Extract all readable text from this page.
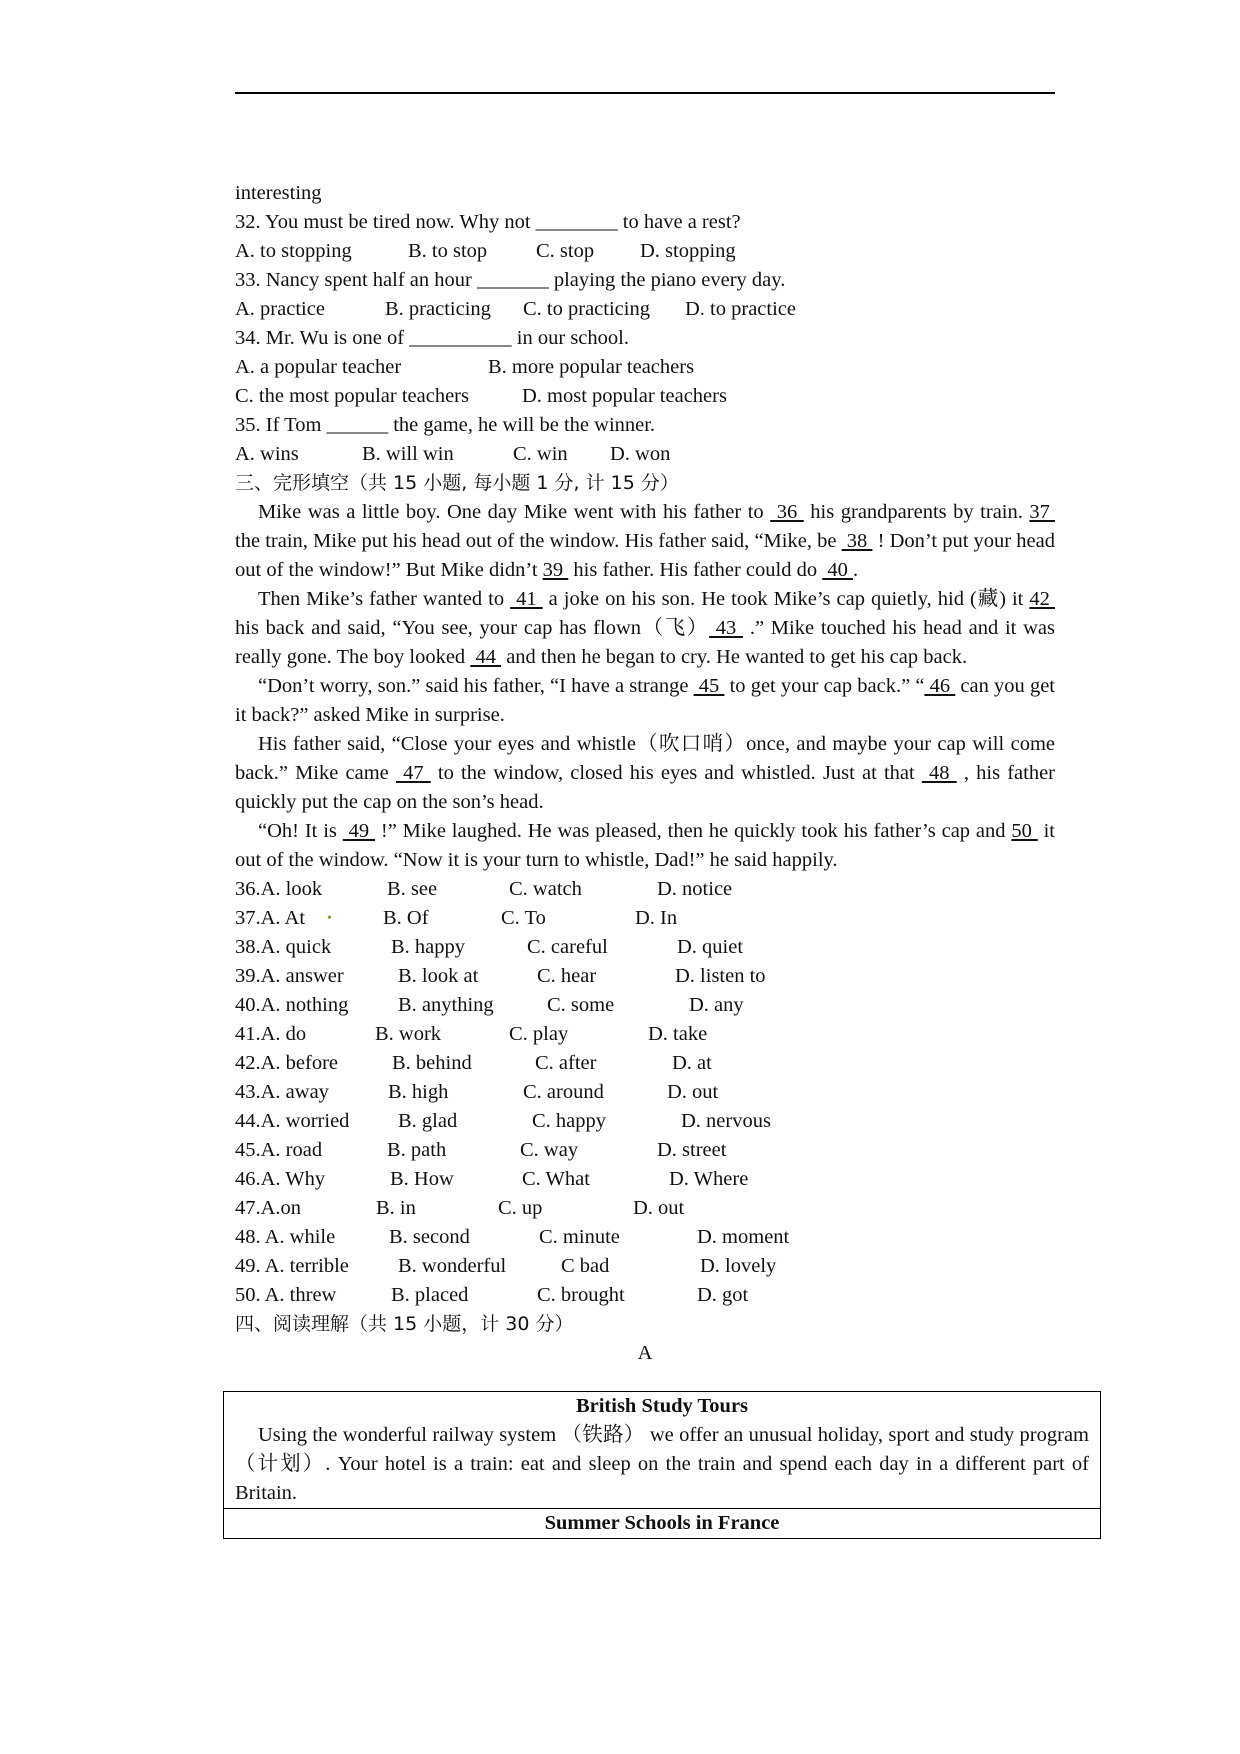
interesting
32. You must be tired now. Why not ________ to have a rest?
A. to stopping	B. to stop C. stop D. stopping
33. Nancy spent half an hour _______ playing the piano every day.
A. practice	B. practicing C. to practicing D. to practice
34. Mr. Wu is one of __________ in our school.
A. a popular teacher	B. more popular teachers
C. the most popular teachers	D. most popular teachers
35. If Tom ______ the game, he will be the winner.
A. wins	B. will win	C. win D. won
三、完形填空（共 15 小题, 每小题 1 分, 计 15 分）
Mike was a little boy. One day Mike went with his father to  36  his grandparents by train. 37  the train, Mike put his head out of the window. His father said, “Mike, be  38  ! Don’t put your head out of the window!” But Mike didn’t 39  his father. His father could do  40 .
Then Mike’s father wanted to  41  a joke on his son. He took Mike’s cap quietly, hid (藏) it 42  his back and said, “You see, your cap has flown（飞） 43  .” Mike touched his head and it was really gone. The boy looked  44  and then he began to cry. He wanted to get his cap back.
“Don’t worry, son.” said his father, “I have a strange  45  to get your cap back.” “ 46  can you get it back?” asked Mike in surprise.
His father said, “Close your eyes and whistle（吹口哨）once, and maybe your cap will come back.” Mike came  47  to the window, closed his eyes and whistled. Just at that  48  , his father quickly put the cap on the son’s head.
“Oh! It is  49  !” Mike laughed. He was pleased, then he quickly took his father’s cap and 50  it out of the window. “Now it is your turn to whistle, Dad!” he said happily.
36.A. look	B. see	C. watch	D. notice
37.A. At • B. Of	C. To	D. In
38.A. quick	B. happy	C. careful	D. quiet
39.A. answer	B. look at	C. hear	D. listen to
40.A. nothing B. anything	C. some	D. any
41.A. do	B. work	C. play	D. take
42.A. before	B. behind	C. after	D. at
43.A. away	B. high	C. around	D. out
44.A. worried B. glad	C. happy	D. nervous
45.A. road	B. path	C. way	D. street
46.A. Why	B. How	C. What	D. Where
47.A.on	B. in	C. up	D. out
48. A. while	B. second	C. minute	D. moment
49. A. terrible B. wonderful	C bad	D. lovely
50. A. threw	B. placed	C. brought	D. got
四、阅读理解（共 15 小题，计 30 分）
A
British Study Tours
Using the wonderful railway system （铁路） we offer an unusual holiday, sport and study program （计划）. Your hotel is a train: eat and sleep on the train and spend each day in a different part of Britain.
Summer Schools in France
